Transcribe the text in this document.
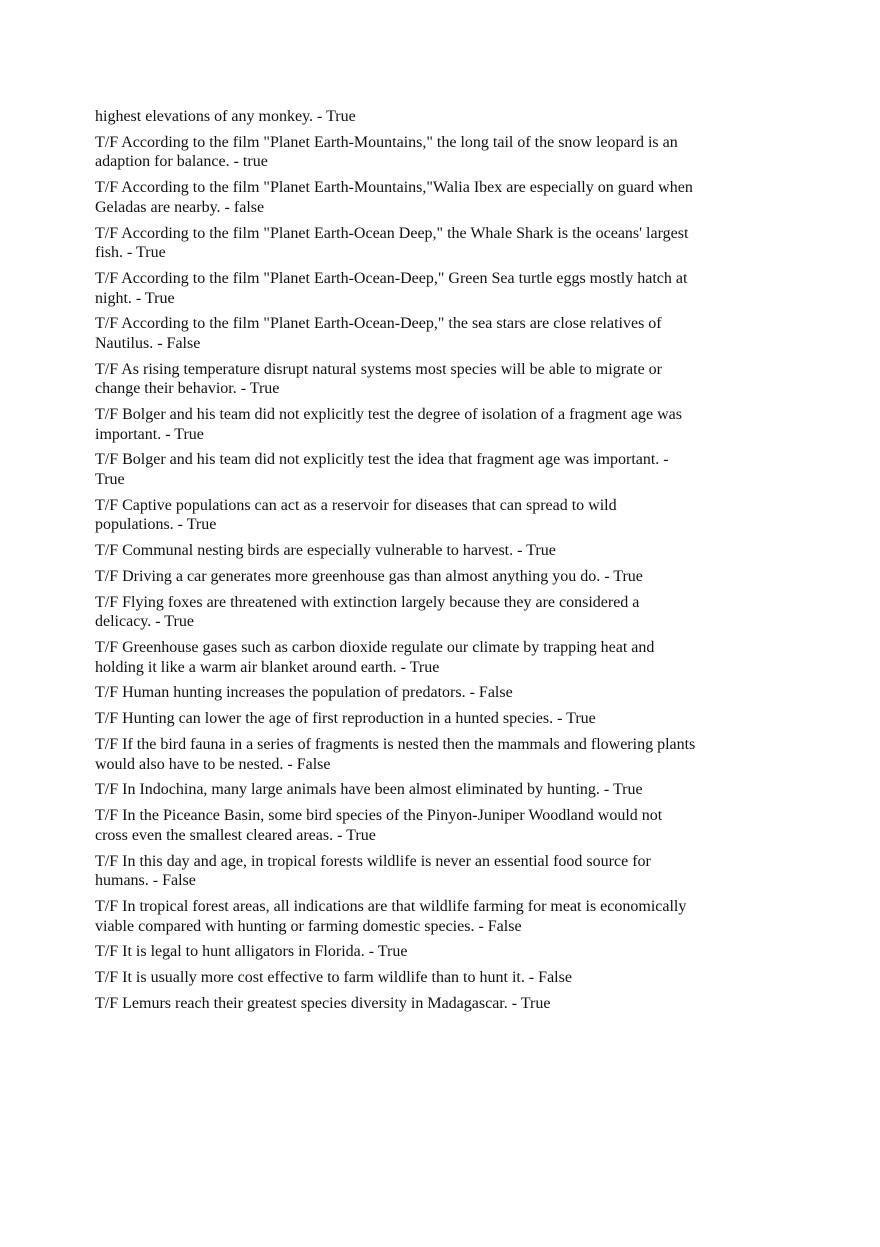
highest elevations of any monkey. - True
T/F According to the film "Planet Earth-Mountains," the long tail of the snow leopard is an
adaption for balance. - true
T/F According to the film "Planet Earth-Mountains,"Walia Ibex are especially on guard when
Geladas are nearby. - false
T/F According to the film "Planet Earth-Ocean Deep," the Whale Shark is the oceans' largest
fish. - True
T/F According to the film "Planet Earth-Ocean-Deep," Green Sea turtle eggs mostly hatch at
night. - True
T/F According to the film "Planet Earth-Ocean-Deep," the sea stars are close relatives of
Nautilus. - False
T/F As rising temperature disrupt natural systems most species will be able to migrate or
change their behavior. - True
T/F Bolger and his team did not explicitly test the degree of isolation of a fragment age was
important. - True
T/F Bolger and his team did not explicitly test the idea that fragment age was important. -
True
T/F Captive populations can act as a reservoir for diseases that can spread to wild
populations. - True
T/F Communal nesting birds are especially vulnerable to harvest. - True
T/F Driving a car generates more greenhouse gas than almost anything you do. - True
T/F Flying foxes are threatened with extinction largely because they are considered a
delicacy. - True
T/F Greenhouse gases such as carbon dioxide regulate our climate by trapping heat and
holding it like a warm air blanket around earth. - True
T/F Human hunting increases the population of predators. - False
T/F Hunting can lower the age of first reproduction in a hunted species. - True
T/F If the bird fauna in a series of fragments is nested then the mammals and flowering plants
would also have to be nested. - False
T/F In Indochina, many large animals have been almost eliminated by hunting. - True
T/F In the Piceance Basin, some bird species of the Pinyon-Juniper Woodland would not
cross even the smallest cleared areas. - True
T/F In this day and age, in tropical forests wildlife is never an essential food source for
humans. - False
T/F In tropical forest areas, all indications are that wildlife farming for meat is economically
viable compared with hunting or farming domestic species. - False
T/F It is legal to hunt alligators in Florida. - True
T/F It is usually more cost effective to farm wildlife than to hunt it. - False
T/F Lemurs reach their greatest species diversity in Madagascar. - True
